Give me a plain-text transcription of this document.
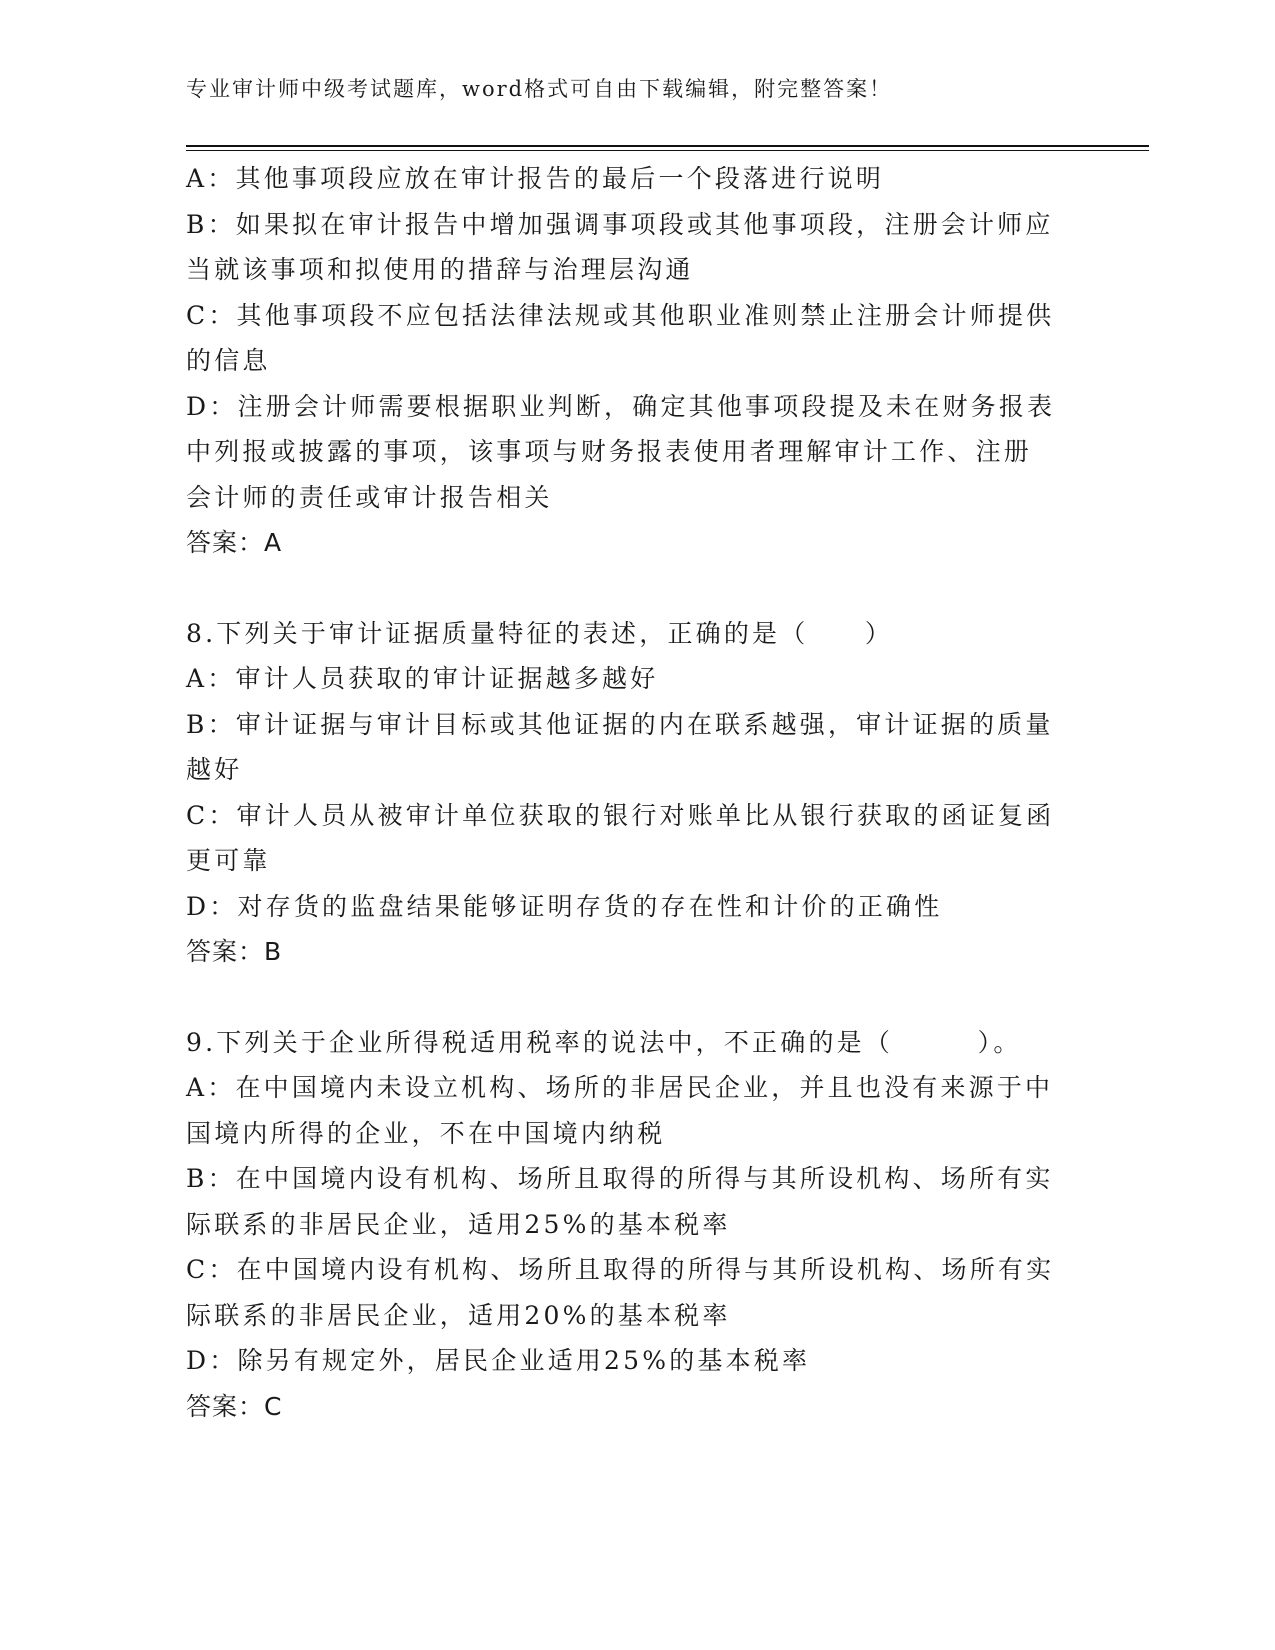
专业审计师中级考试题库，word格式可自由下载编辑，附完整答案！
A：其他事项段应放在审计报告的最后一个段落进行说明
B：如果拟在审计报告中增加强调事项段或其他事项段，注册会计师应
当就该事项和拟使用的措辞与治理层沟通
C：其他事项段不应包括法律法规或其他职业准则禁止注册会计师提供
的信息
D：注册会计师需要根据职业判断，确定其他事项段提及未在财务报表
中列报或披露的事项，该事项与财务报表使用者理解审计工作、注册
会计师的责任或审计报告相关
答案：A
8.下列关于审计证据质量特征的表述，正确的是（　　）
A：审计人员获取的审计证据越多越好
B：审计证据与审计目标或其他证据的内在联系越强，审计证据的质量
越好
C：审计人员从被审计单位获取的银行对账单比从银行获取的函证复函
更可靠
D：对存货的监盘结果能够证明存货的存在性和计价的正确性
答案：B
9.下列关于企业所得税适用税率的说法中，不正确的是（　　　）。
A：在中国境内未设立机构、场所的非居民企业，并且也没有来源于中
国境内所得的企业，不在中国境内纳税
B：在中国境内设有机构、场所且取得的所得与其所设机构、场所有实
际联系的非居民企业，适用25%的基本税率
C：在中国境内设有机构、场所且取得的所得与其所设机构、场所有实
际联系的非居民企业，适用20%的基本税率
D：除另有规定外，居民企业适用25%的基本税率
答案：C
